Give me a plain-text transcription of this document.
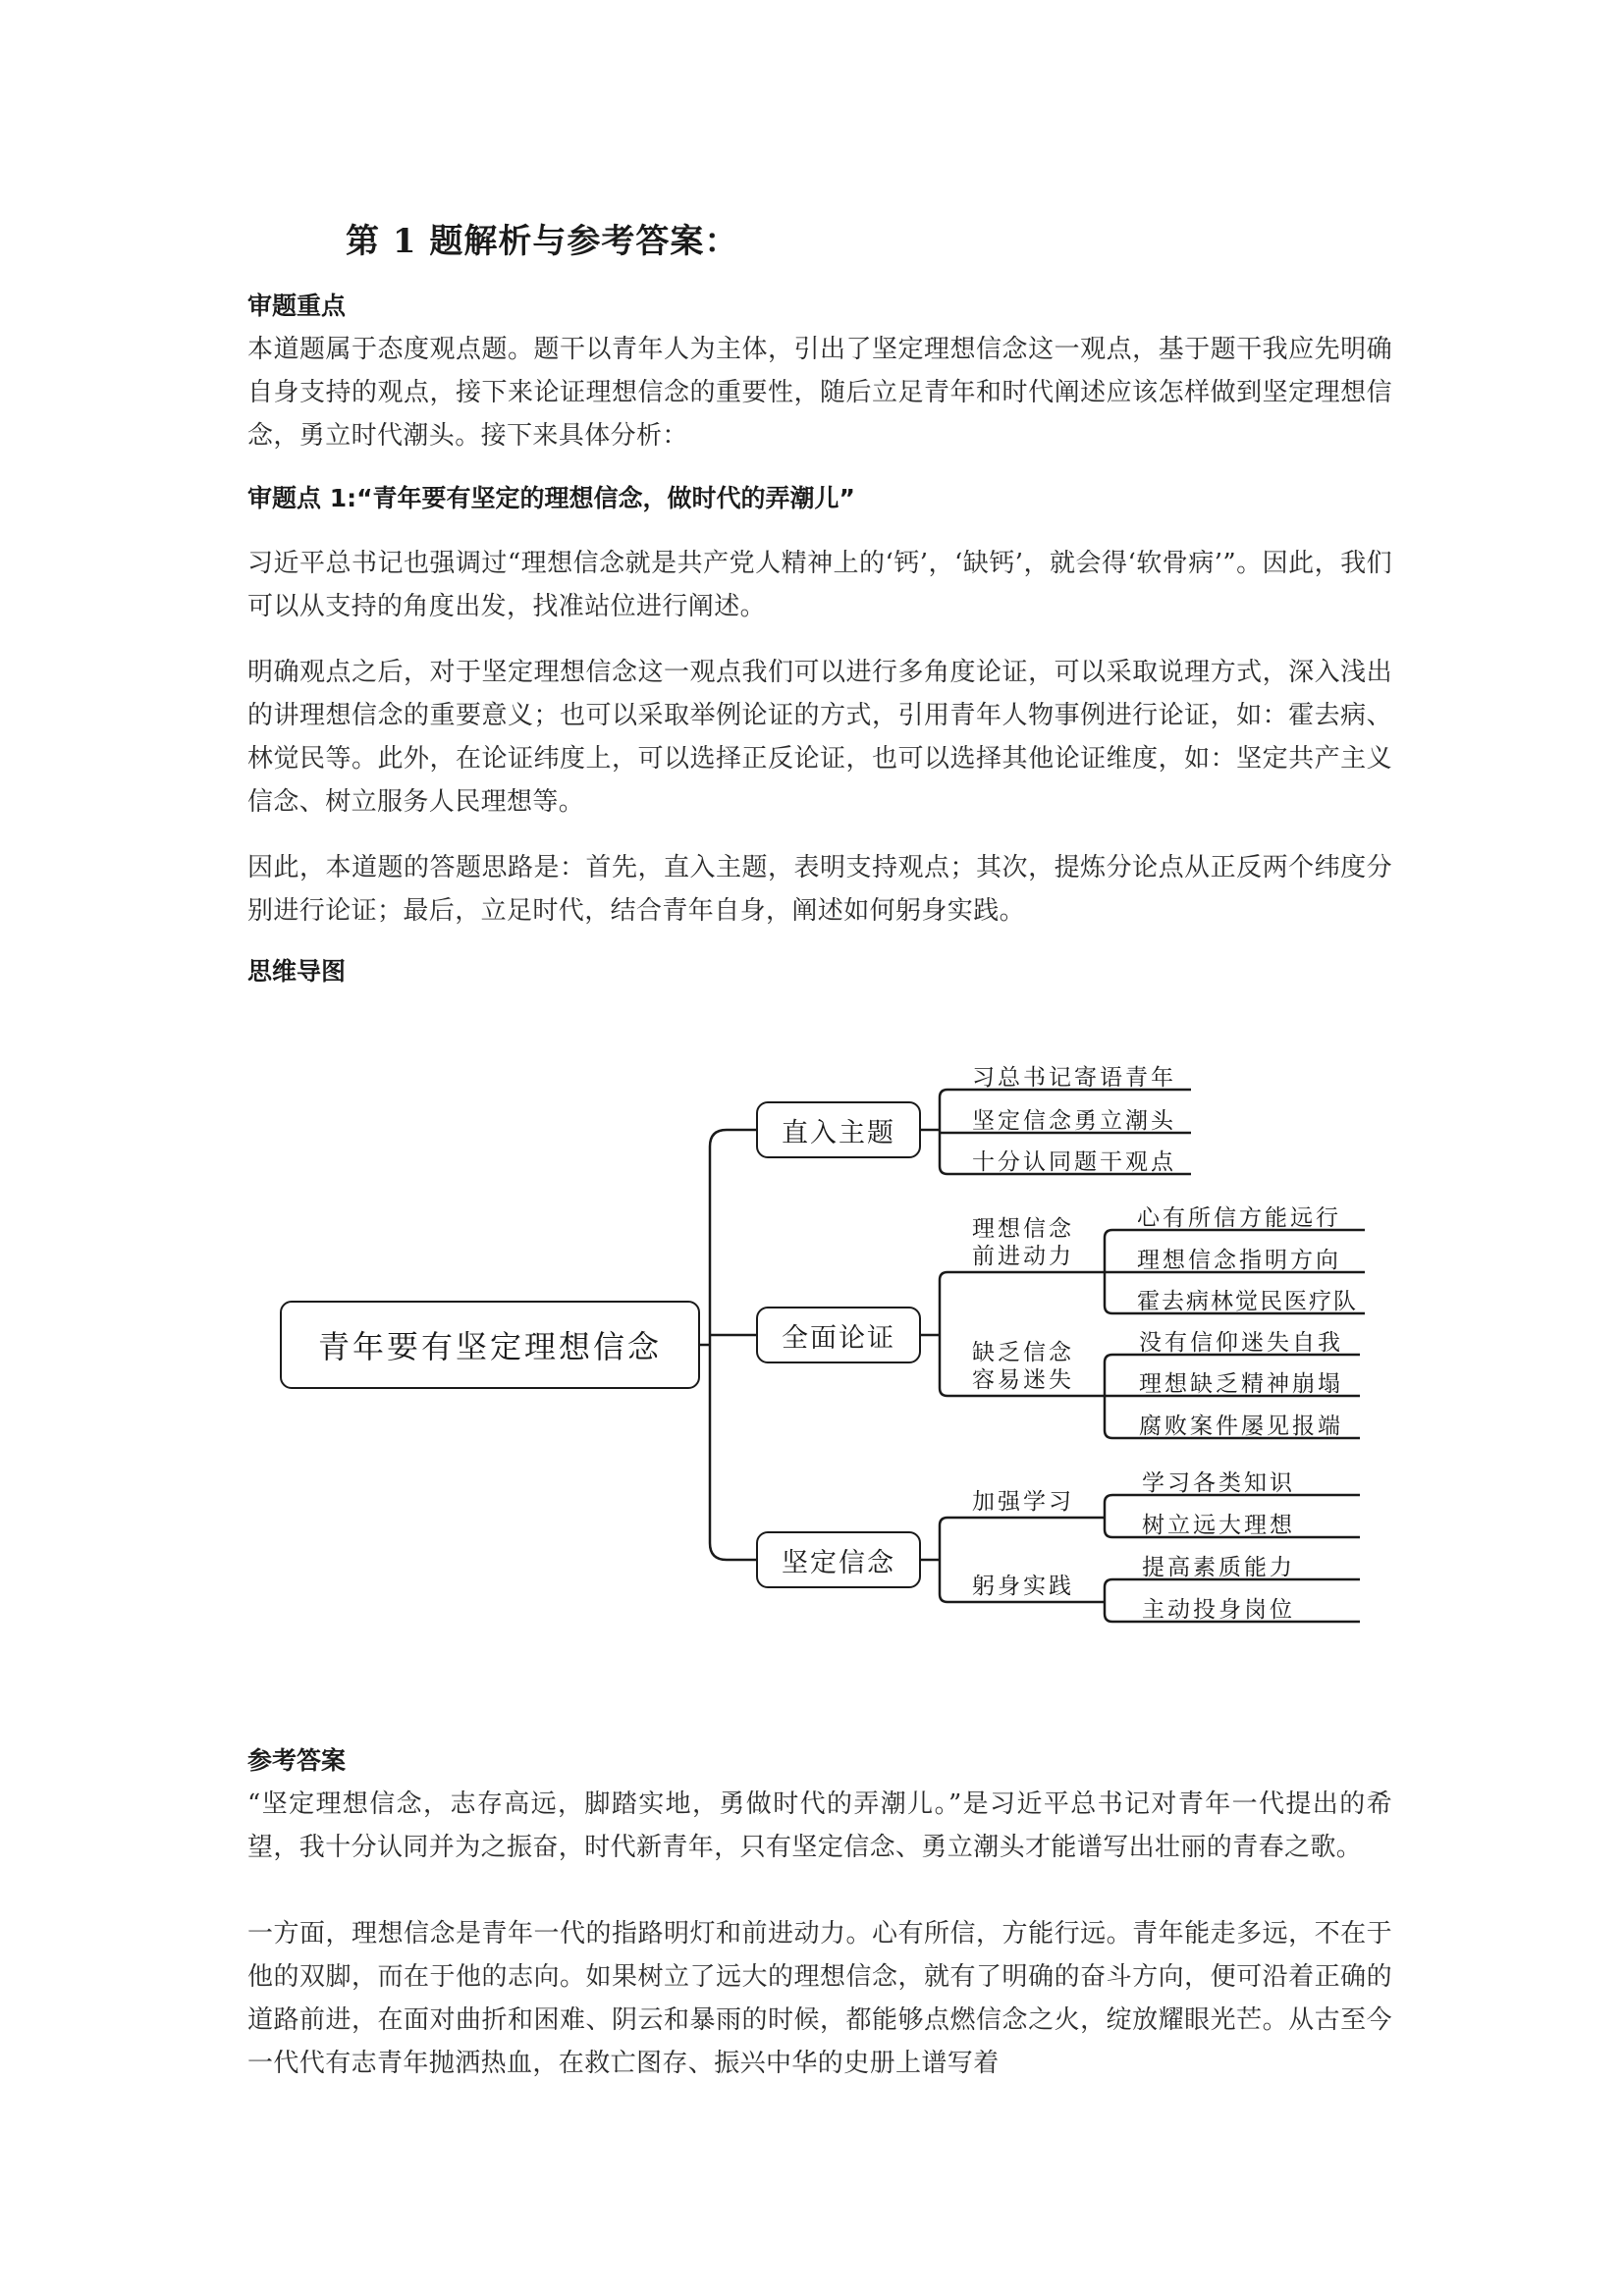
第 1 题解析与参考答案：
审题重点

本道题属于态度观点题。题干以青年人为主体，引出了坚定理想信念这一观点，基于题干我应先明确自身支持的观点，接下来论证理想信念的重要性，随后立足青年和时代阐述应该怎样做到坚定理想信念，勇立时代潮头。接下来具体分析：

审题点 1:“青年要有坚定的理想信念，做时代的弄潮儿”

习近平总书记也强调过“理想信念就是共产党人精神上的‘钙’，‘缺钙’，就会得‘软骨病’”。因此，我们可以从支持的角度出发，找准站位进行阐述。

明确观点之后，对于坚定理想信念这一观点我们可以进行多角度论证，可以采取说理方式，深入浅出的讲理想信念的重要意义；也可以采取举例论证的方式，引用青年人物事例进行论证，如：霍去病、林觉民等。此外，在论证纬度上，可以选择正反论证，也可以选择其他论证维度，如：坚定共产主义信念、树立服务人民理想等。

因此，本道题的答题思路是：首先，直入主题，表明支持观点；其次，提炼分论点从正反两个纬度分别进行论证；最后，立足时代，结合青年自身，阐述如何躬身实践。

思维导图
青年要有坚定理想信念
直入主题
全面论证
坚定信念
习总书记寄语青年
坚定信念勇立潮头
十分认同题干观点
理想信念
前进动力
缺乏信念
容易迷失
心有所信方能远行
理想信念指明方向
霍去病林觉民医疗队
没有信仰迷失自我
理想缺乏精神崩塌
腐败案件屡见报端
加强学习
躬身实践
学习各类知识
树立远大理想
提高素质能力
主动投身岗位
参考答案

“坚定理想信念，志存高远，脚踏实地，勇做时代的弄潮儿。”是习近平总书记对青年一代提出的希望，我十分认同并为之振奋，时代新青年，只有坚定信念、勇立潮头才能谱写出壮丽的青春之歌。

一方面，理想信念是青年一代的指路明灯和前进动力。心有所信，方能行远。青年能走多远，不在于他的双脚，而在于他的志向。如果树立了远大的理想信念，就有了明确的奋斗方向，便可沿着正确的道路前进，在面对曲折和困难、阴云和暴雨的时候，都能够点燃信念之火，绽放耀眼光芒。从古至今一代代有志青年抛洒热血，在救亡图存、振兴中华的史册上谱写着
